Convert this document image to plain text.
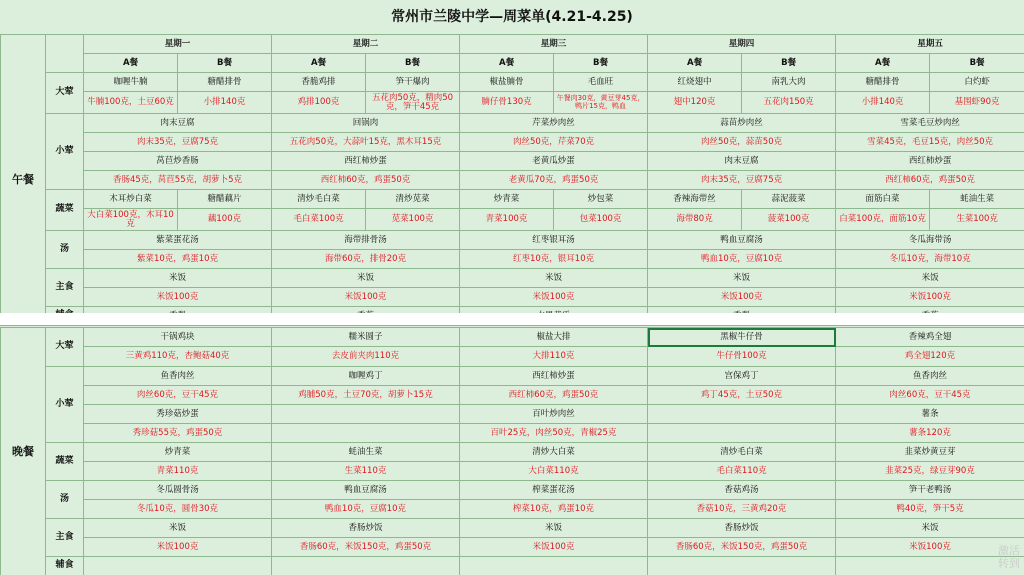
常州市兰陵中学—周菜单(4.21-4.25)
午餐		星期一		星期二		星期三		星期四		星期五	
		A餐	B餐	A餐	B餐	A餐	B餐	A餐	B餐	A餐	B餐
	大荤	咖喱牛腩	糖醋排骨	香脆鸡排	笋干爆肉	椒盐腩骨	毛血旺	红烧翅中	南乳大肉	糖醋排骨	白灼虾
		牛腩100克，土豆60克	小排140克	鸡排100克	五花肉50克，精肉50克，笋干45克	腩仔骨130克	午餐肉30克，黄豆芽45克，鸭片15克，鸭血	翅中120克	五花肉150克	小排140克	基围虾90克
	小荤	肉末豆腐		回锅肉		芹菜炒肉丝		蒜苗炒肉丝		雪菜毛豆炒肉丝	
		肉末35克，豆腐75克		五花肉50克，大蒜叶15克，黑木耳15克		肉丝50克，芹菜70克		肉丝50克，蒜苗50克		雪菜45克，毛豆15克，肉丝50克	
		莴苣炒香肠		西红柿炒蛋		老黄瓜炒蛋		肉末豆腐		西红柿炒蛋	
		香肠45克，莴苣55克，胡萝卜5克		西红柿60克，鸡蛋50克		老黄瓜70克，鸡蛋50克		肉末35克，豆腐75克		西红柿60克，鸡蛋50克	
	蔬菜	木耳炒白菜	糖醋藕片	清炒毛白菜	清炒苋菜	炒青菜	炒包菜	香辣海带丝	蒜泥菠菜	面筋白菜	蚝油生菜
		大白菜100克，木耳10克	藕100克	毛白菜100克	苋菜100克	青菜100克	包菜100克	海带80克	菠菜100克	白菜100克，面筋10克	生菜100克
	汤	紫菜蛋花汤		海带排骨汤		红枣银耳汤		鸭血豆腐汤		冬瓜海带汤	
		紫菜10克，鸡蛋10克		海带60克，排骨20克		红枣10克，银耳10克		鸭血10克，豆腐10克		冬瓜10克，海带10克	
	主食	米饭		米饭		米饭		米饭		米饭	
		米饭100克		米饭100克		米饭100克		米饭100克		米饭100克	

晚餐	大荤	干锅鸡块	糯米圆子	椒盐大排	黑椒牛仔骨	香辣鸡全翅
		三黄鸡110克，杏鲍菇40克	去皮前夹肉110克	大排110克	牛仔骨100克	鸡全翅120克
	小荤	鱼香肉丝	咖喱鸡丁	西红柿炒蛋	宫保鸡丁	鱼香肉丝
		肉丝60克，豆干45克	鸡脯50克，土豆70克，胡萝卜15克	西红柿60克，鸡蛋50克	鸡丁45克，土豆50克	肉丝60克，豆干45克
		秀珍菇炒蛋		百叶炒肉丝		薯条
		秀珍菇55克，鸡蛋50克		百叶25克，肉丝50克，青椒25克		薯条120克
	蔬菜	炒青菜	蚝油生菜	清炒大白菜	清炒毛白菜	韭菜炒黄豆芽
		青菜110克	生菜110克	大白菜110克	毛白菜110克	韭菜25克，绿豆芽90克
	汤	冬瓜圆骨汤	鸭血豆腐汤	榨菜蛋花汤	香菇鸡汤	笋干老鸭汤
		冬瓜10克，圆骨30克	鸭血10克，豆腐10克	榨菜10克，鸡蛋10克	香菇10克，三黄鸡20克	鸭40克，笋干5克
	主食	米饭	香肠炒饭	米饭	香肠炒饭	米饭
		米饭100克	香肠60克，米饭150克，鸡蛋50克	米饭100克	香肠60克，米饭150克，鸡蛋50克	米饭100克
	辅食					
激活
转到
